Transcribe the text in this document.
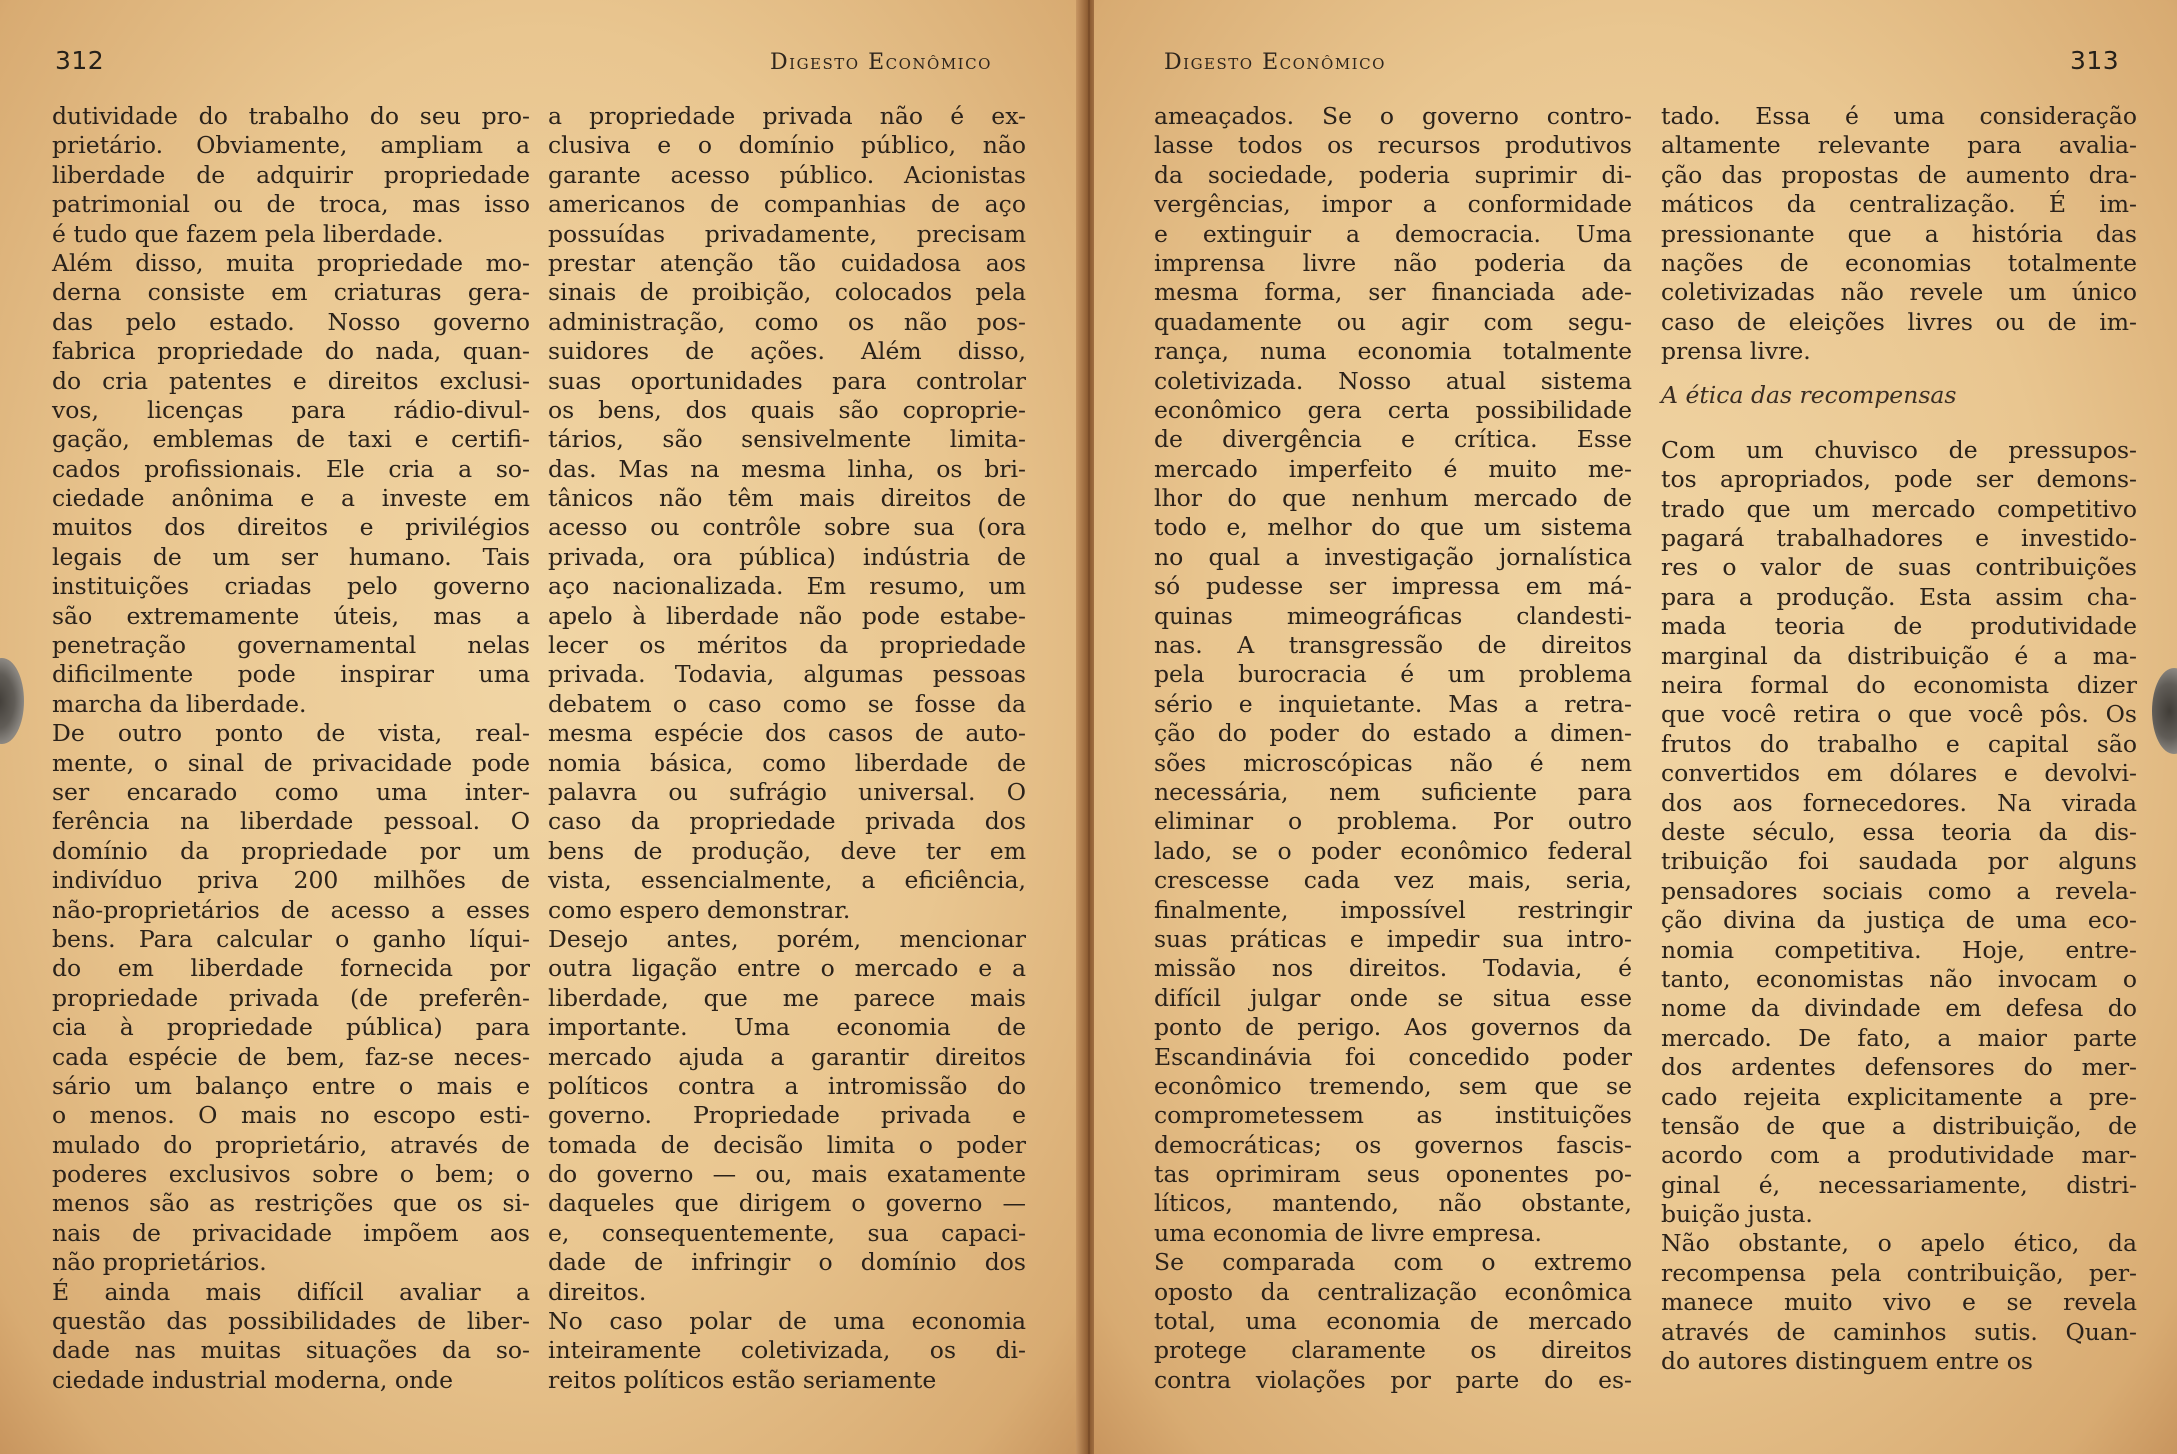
312	Digesto Econômico
dutividade do trabalho do seu pro-
prietário. Obviamente, ampliam a
liberdade de adquirir propriedade
patrimonial ou de troca, mas isso
é tudo que fazem pela liberdade.
Além disso, muita propriedade mo-
derna consiste em criaturas gera-
das pelo estado. Nosso governo
fabrica propriedade do nada, quan-
do cria patentes e direitos exclusi-
vos, licenças para rádio-divul-
gação, emblemas de taxi e certifi-
cados profissionais. Ele cria a so-
ciedade anônima e a investe em
muitos dos direitos e privilégios
legais de um ser humano. Tais
instituições criadas pelo governo
são extremamente úteis, mas a
penetração governamental nelas
dificilmente pode inspirar uma
marcha da liberdade.
De outro ponto de vista, real-
mente, o sinal de privacidade pode
ser encarado como uma inter-
ferência na liberdade pessoal. O
domínio da propriedade por um
indivíduo priva 200 milhões de
não-proprietários de acesso a esses
bens. Para calcular o ganho líqui-
do em liberdade fornecida por
propriedade privada (de preferên-
cia à propriedade pública) para
cada espécie de bem, faz-se neces-
sário um balanço entre o mais e
o menos. O mais no escopo esti-
mulado do proprietário, através de
poderes exclusivos sobre o bem; o
menos são as restrições que os si-
nais de privacidade impõem aos
não proprietários.
É ainda mais difícil avaliar a
questão das possibilidades de liber-
dade nas muitas situações da so-
ciedade industrial moderna, onde
a propriedade privada não é ex-
clusiva e o domínio público, não
garante acesso público. Acionistas
americanos de companhias de aço
possuídas privadamente, precisam
prestar atenção tão cuidadosa aos
sinais de proibição, colocados pela
administração, como os não pos-
suidores de ações. Além disso,
suas oportunidades para controlar
os bens, dos quais são coproprie-
tários, são sensivelmente limita-
das. Mas na mesma linha, os bri-
tânicos não têm mais direitos de
acesso ou contrôle sobre sua (ora
privada, ora pública) indústria de
aço nacionalizada. Em resumo, um
apelo à liberdade não pode estabe-
lecer os méritos da propriedade
privada. Todavia, algumas pessoas
debatem o caso como se fosse da
mesma espécie dos casos de auto-
nomia básica, como liberdade de
palavra ou sufrágio universal. O
caso da propriedade privada dos
bens de produção, deve ter em
vista, essencialmente, a eficiência,
como espero demonstrar.
Desejo antes, porém, mencionar
outra ligação entre o mercado e a
liberdade, que me parece mais
importante. Uma economia de
mercado ajuda a garantir direitos
políticos contra a intromissão do
governo. Propriedade privada e
tomada de decisão limita o poder
do governo — ou, mais exatamente
daqueles que dirigem o governo —
e, consequentemente, sua capaci-
dade de infringir o domínio dos
direitos.
No caso polar de uma economia
inteiramente coletivizada, os di-
reitos políticos estão seriamente
313
Digesto Econômico
ameaçados. Se o governo contro-
lasse todos os recursos produtivos
da sociedade, poderia suprimir di-
vergências, impor a conformidade
e extinguir a democracia. Uma
imprensa livre não poderia da
mesma forma, ser financiada ade-
quadamente ou agir com segu-
rança, numa economia totalmente
coletivizada. Nosso atual sistema
econômico gera certa possibilidade
de divergência e crítica. Esse
mercado imperfeito é muito me-
lhor do que nenhum mercado de
todo e, melhor do que um sistema
no qual a investigação jornalística
só pudesse ser impressa em má-
quinas mimeográficas clandesti-
nas. A transgressão de direitos
pela burocracia é um problema
sério e inquietante. Mas a retra-
ção do poder do estado a dimen-
sões microscópicas não é nem
necessária, nem suficiente para
eliminar o problema. Por outro
lado, se o poder econômico federal
crescesse cada vez mais, seria,
finalmente, impossível restringir
suas práticas e impedir sua intro-
missão nos direitos. Todavia, é
difícil julgar onde se situa esse
ponto de perigo. Aos governos da
Escandinávia foi concedido poder
econômico tremendo, sem que se
comprometessem as instituições
democráticas; os governos fascis-
tas oprimiram seus oponentes po-
líticos, mantendo, não obstante,
uma economia de livre empresa.
Se comparada com o extremo
oposto da centralização econômica
total, uma economia de mercado
protege claramente os direitos
contra violações por parte do es-
tado. Essa é uma consideração
altamente relevante para avalia-
ção das propostas de aumento dra-
máticos da centralização. É im-
pressionante que a história das
nações de economias totalmente
coletivizadas não revele um único
caso de eleições livres ou de im-
prensa livre.
A ética das recompensas
Com um chuvisco de pressupos-
tos apropriados, pode ser demons-
trado que um mercado competitivo
pagará trabalhadores e investido-
res o valor de suas contribuições
para a produção. Esta assim cha-
mada teoria de produtividade
marginal da distribuição é a ma-
neira formal do economista dizer
que você retira o que você pôs. Os
frutos do trabalho e capital são
convertidos em dólares e devolvi-
dos aos fornecedores. Na virada
deste século, essa teoria da dis-
tribuição foi saudada por alguns
pensadores sociais como a revela-
ção divina da justiça de uma eco-
nomia competitiva. Hoje, entre-
tanto, economistas não invocam o
nome da divindade em defesa do
mercado. De fato, a maior parte
dos ardentes defensores do mer-
cado rejeita explicitamente a pre-
tensão de que a distribuição, de
acordo com a produtividade mar-
ginal é, necessariamente, distri-
buição justa.
Não obstante, o apelo ético, da
recompensa pela contribuição, per-
manece muito vivo e se revela
através de caminhos sutis. Quan-
do autores distinguem entre os
